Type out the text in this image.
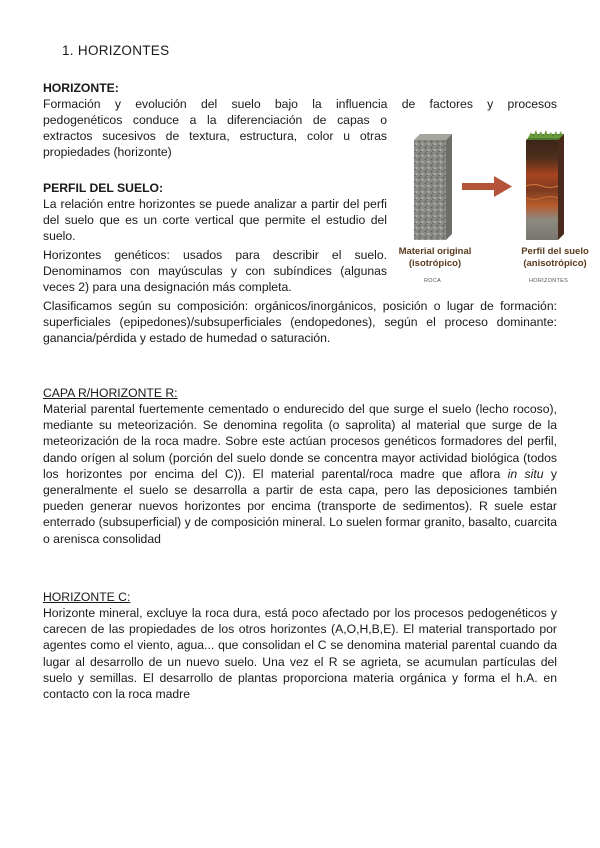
1. HORIZONTES
HORIZONTE:

Formación y evolución del suelo bajo la influencia de factores y procesos

pedogenéticos conduce a la diferenciación de capas o extractos sucesivos de textura, estructura, color u otras propiedades (horizonte)

PERFIL DEL SUELO:

La relación entre horizontes se puede analizar a partir del perfi del suelo que es un corte vertical que permite el estudio del suelo.

Horizontes genéticos: usados para describir el suelo. Denominamos con mayúsculas y con subíndices (algunas veces 2) para una designación más completa.

Clasificamos según su composición: orgánicos/inorgánicos, posición o lugar de formación: superficiales (epipedones)/subsuperficiales (endopedones), según el proceso dominante: ganancia/pérdida y estado de humedad o saturación.

Material original
(isotrópico)
ROCA
Perfil del suelo
(anisotrópico)
HORIZONTES
CAPA R/HORIZONTE R:

Material parental fuertemente cementado o endurecido del que surge el suelo (lecho rocoso), mediante su meteorización. Se denomina regolita (o saprolita) al material que surge de la meteorización de la roca madre. Sobre este actúan procesos genéticos formadores del perfil, dando orígen al solum (porción del suelo donde se concentra mayor actividad biológica (todos los horizontes por encima del C)). El material parental/roca madre que aflora in situ y generalmente el suelo se desarrolla a partir de esta capa, pero las deposiciones también pueden generar nuevos horizontes por encima (transporte de sedimentos). R suele estar enterrado (subsuperficial) y de composición mineral. Lo suelen formar granito, basalto, cuarcita o arenisca consolidad

HORIZONTE C:

Horizonte mineral, excluye la roca dura, está poco afectado por los procesos pedogenéticos y carecen de las propiedades de los otros horizontes (A,O,H,B,E). El material transportado por agentes como el viento, agua... que consolidan el C se denomina material parental cuando da lugar al desarrollo de un nuevo suelo. Una vez el R se agrieta, se acumulan partículas del suelo y semillas. El desarrollo de plantas proporciona materia orgánica y forma el h.A. en contacto con la roca madre
